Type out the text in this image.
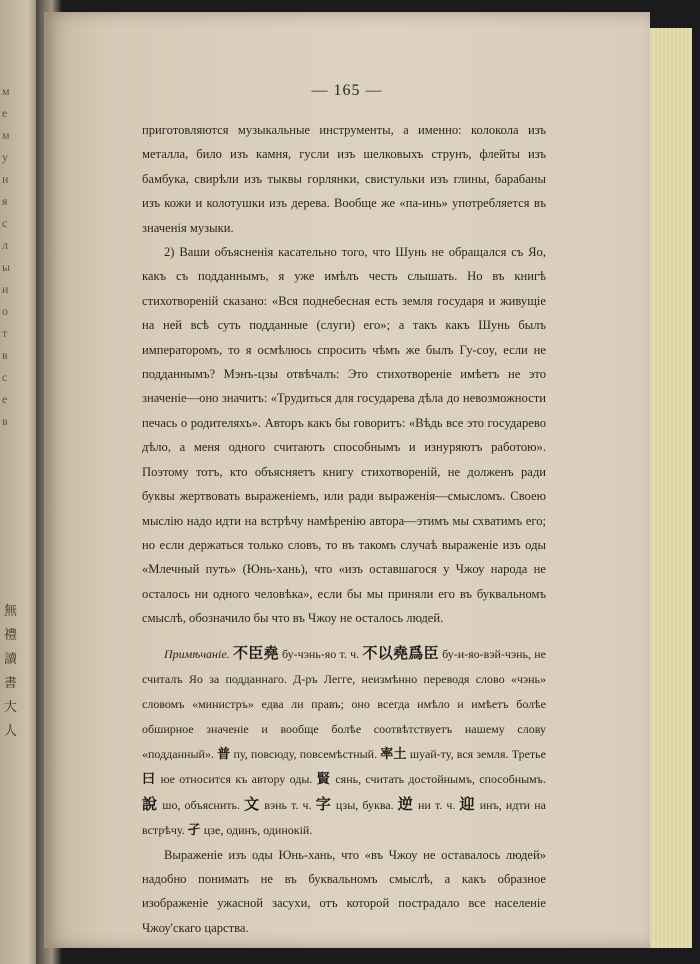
м
е
м
у
и
я
с
л
ы
и
о
т
в
с
е
в
無
禮
讀
書
大
人
— 165 —

приготовляются музыкальные инструменты, а именно: колокола изъ металла, било изъ камня, гусли изъ шелковыхъ струнъ, флейты изъ бамбука, свирѣли изъ тыквы горлянки, свистульки изъ глины, барабаны изъ кожи и колотушки изъ дерева. Вообще же «па-инь» употребляется въ значенія музыки.

2) Ваши объясненія касательно того, что Шунь не обращался съ Яо, какъ съ подданнымъ, я уже имѣлъ честь слышать. Но въ книгѣ стихотвореній сказано: «Вся поднебесная есть земля государя и живущіе на ней всѣ суть подданные (слуги) его»; а такъ какъ Шунь былъ императоромъ, то я осмѣлюсь спросить чѣмъ же былъ Гу-coy, если не подданнымъ? Мэнъ-цзы отвѣчалъ: Это стихотвореніе имѣетъ не это значеніе—оно значитъ: «Трудиться для государева дѣла до невозможности печась о родителяхъ». Авторъ какъ бы говоритъ: «Вѣдь все это государево дѣло, а меня одного считаютъ способнымъ и изнуряютъ работою». Поэтому тотъ, кто объясняетъ книгу стихотвореній, не долженъ ради буквы жертвовать выраженіемъ, или ради выраженія—смысломъ. Своею мыслію надо идти на встрѣчу намѣренію автора—этимъ мы схватимъ его; но если держаться только словъ, то въ такомъ случаѣ выраженіе изъ оды «Млечный путь» (Юнь-хань), что «изъ оставшагося у Чжоу народа не осталось ни одного человѣка», если бы мы приняли его въ буквальномъ смыслѣ, обозначило бы что въ Чжоу не осталось людей.

Примѣчаніе. 不臣堯 бу-чэнь-яо т. ч. 不以堯爲臣 бу-и-яо-вэй-чэнь, не считалъ Яо за подданнаго. Д-ръ Легге, неизмѣнно переводя слово «чэнь» словомъ «министръ» едва ли правъ; оно всегда имѣло и имѣетъ болѣе обширное значеніе и вообще болѣе соотвѣтствуетъ нашему слову «подданный». 普 пу, повсюду, повсемѣстный. 率土 шуай-ту, вся земля. Третье 曰 юе относится къ автору оды. 賢 сянь, считать достойнымъ, способнымъ. 說 шо, объяснить. 文 вэнь т. ч. 字 цзы, буква. 逆 ни т. ч. 迎 инъ, идти на встрѣчу. 孑 цзе, одинъ, одинокій.

Выраженіе изъ оды Юнь-хань, что «въ Чжоу не оставалось людей» надобно понимать не въ буквальномъ смыслѣ, а какъ образное изображеніе ужасной засухи, отъ которой пострадало все населеніе Чжоу'скаго царства.
